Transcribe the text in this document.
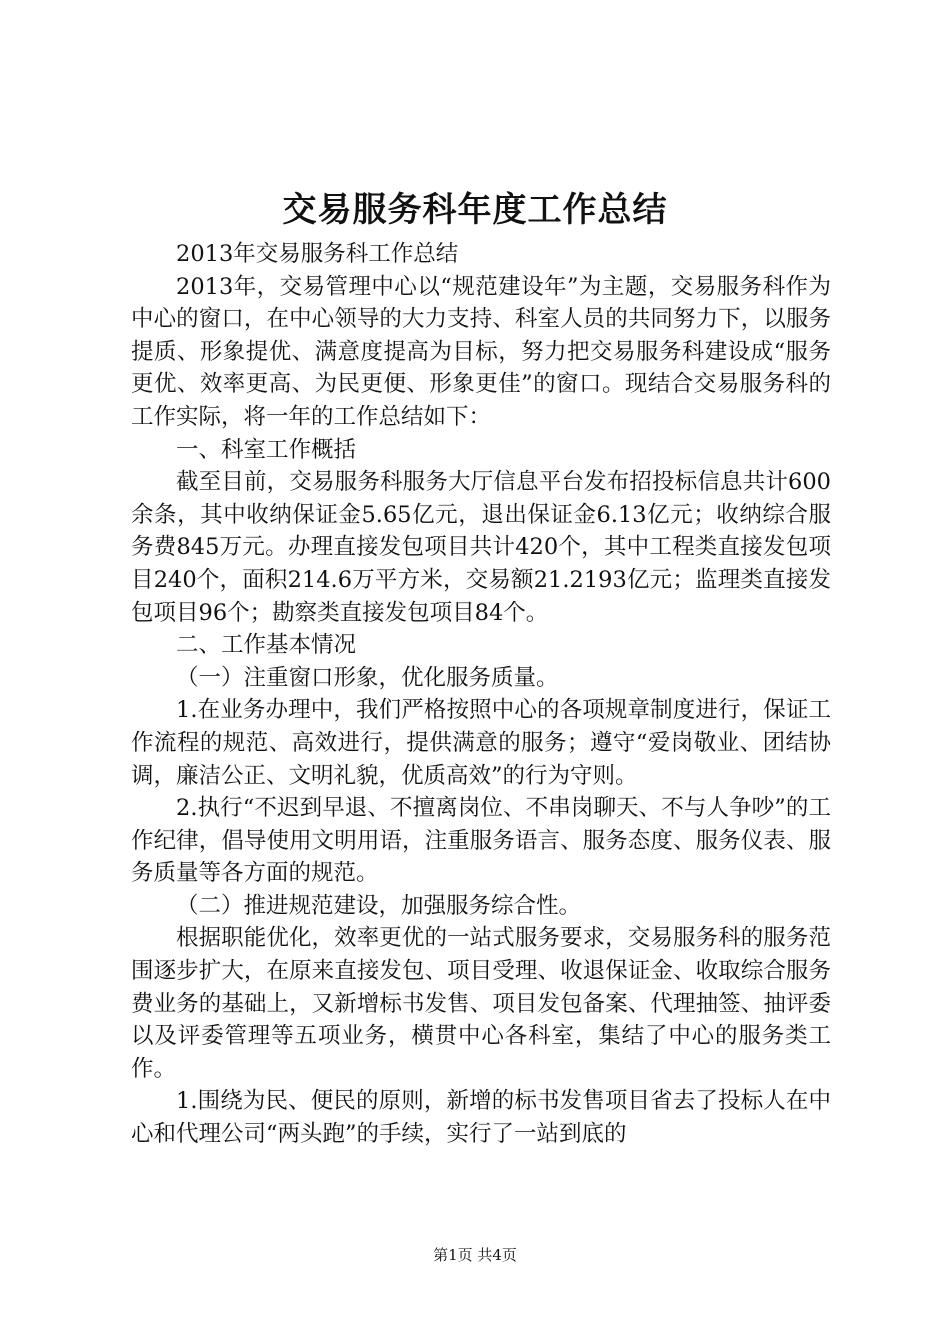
交易服务科年度工作总结

2013年交易服务科工作总结

2013年，交易管理中心以“规范建设年”为主题，交易服务科作为中心的窗口，在中心领导的大力支持、科室人员的共同努力下，以服务提质、形象提优、满意度提高为目标，努力把交易服务科建设成“服务更优、效率更高、为民更便、形象更佳”的窗口。现结合交易服务科的工作实际，将一年的工作总结如下：

一、科室工作概括

截至目前，交易服务科服务大厅信息平台发布招投标信息共计600余条，其中收纳保证金5.65亿元，退出保证金6.13亿元；收纳综合服务费845万元。办理直接发包项目共计420个，其中工程类直接发包项目240个，面积214.6万平方米，交易额21.2193亿元；监理类直接发包项目96个；勘察类直接发包项目84个。

二、工作基本情况

（一）注重窗口形象，优化服务质量。

1.在业务办理中，我们严格按照中心的各项规章制度进行，保证工作流程的规范、高效进行，提供满意的服务；遵守“爱岗敬业、团结协调，廉洁公正、文明礼貌，优质高效”的行为守则。

2.执行“不迟到早退、不擅离岗位、不串岗聊天、不与人争吵”的工作纪律，倡导使用文明用语，注重服务语言、服务态度、服务仪表、服务质量等各方面的规范。

（二）推进规范建设，加强服务综合性。

根据职能优化，效率更优的一站式服务要求，交易服务科的服务范围逐步扩大，在原来直接发包、项目受理、收退保证金、收取综合服务费业务的基础上，又新增标书发售、项目发包备案、代理抽签、抽评委以及评委管理等五项业务，横贯中心各科室，集结了中心的服务类工作。

1.围绕为民、便民的原则，新增的标书发售项目省去了投标人在中心和代理公司“两头跑”的手续，实行了一站到底的

第1页 共4页
